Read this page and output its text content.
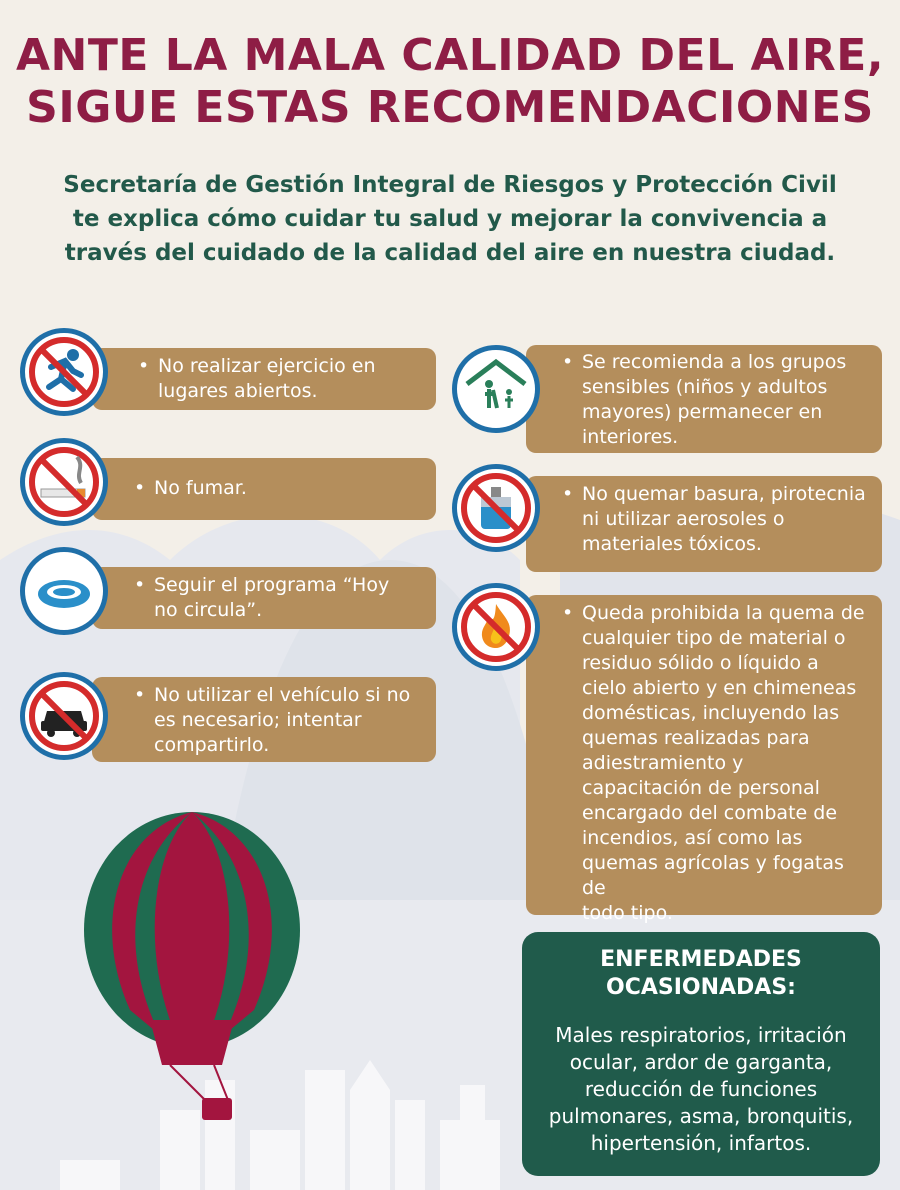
ANTE LA MALA CALIDAD DEL AIRE,
SIGUE ESTAS RECOMENDACIONES
Secretaría de Gestión Integral de Riesgos y Protección Civil
te explica cómo cuidar tu salud y mejorar la convivencia a
través del cuidado de la calidad del aire en nuestra ciudad.
• No realizar ejercicio en
lugares abiertos.
• No fumar.
• Seguir el programa “Hoy
no circula”.
• No utilizar el vehículo si no
es necesario; intentar
compartirlo.
• Se recomienda a los grupos
sensibles (niños y adultos
mayores) permanecer en
interiores.
• No quemar basura, pirotecnia
ni utilizar aerosoles o
materiales tóxicos.
• Queda prohibida la quema de
cualquier tipo de material o
residuo sólido o líquido a
cielo abierto y en chimeneas
domésticas, incluyendo las
quemas realizadas para
adiestramiento y
capacitación de personal
encargado del combate de
incendios, así como las
quemas agrícolas y fogatas de
todo tipo.
ENFERMEDADES
OCASIONADAS:
Males respiratorios, irritación
ocular, ardor de garganta,
reducción de funciones
pulmonares, asma, bronquitis,
hipertensión, infartos.
